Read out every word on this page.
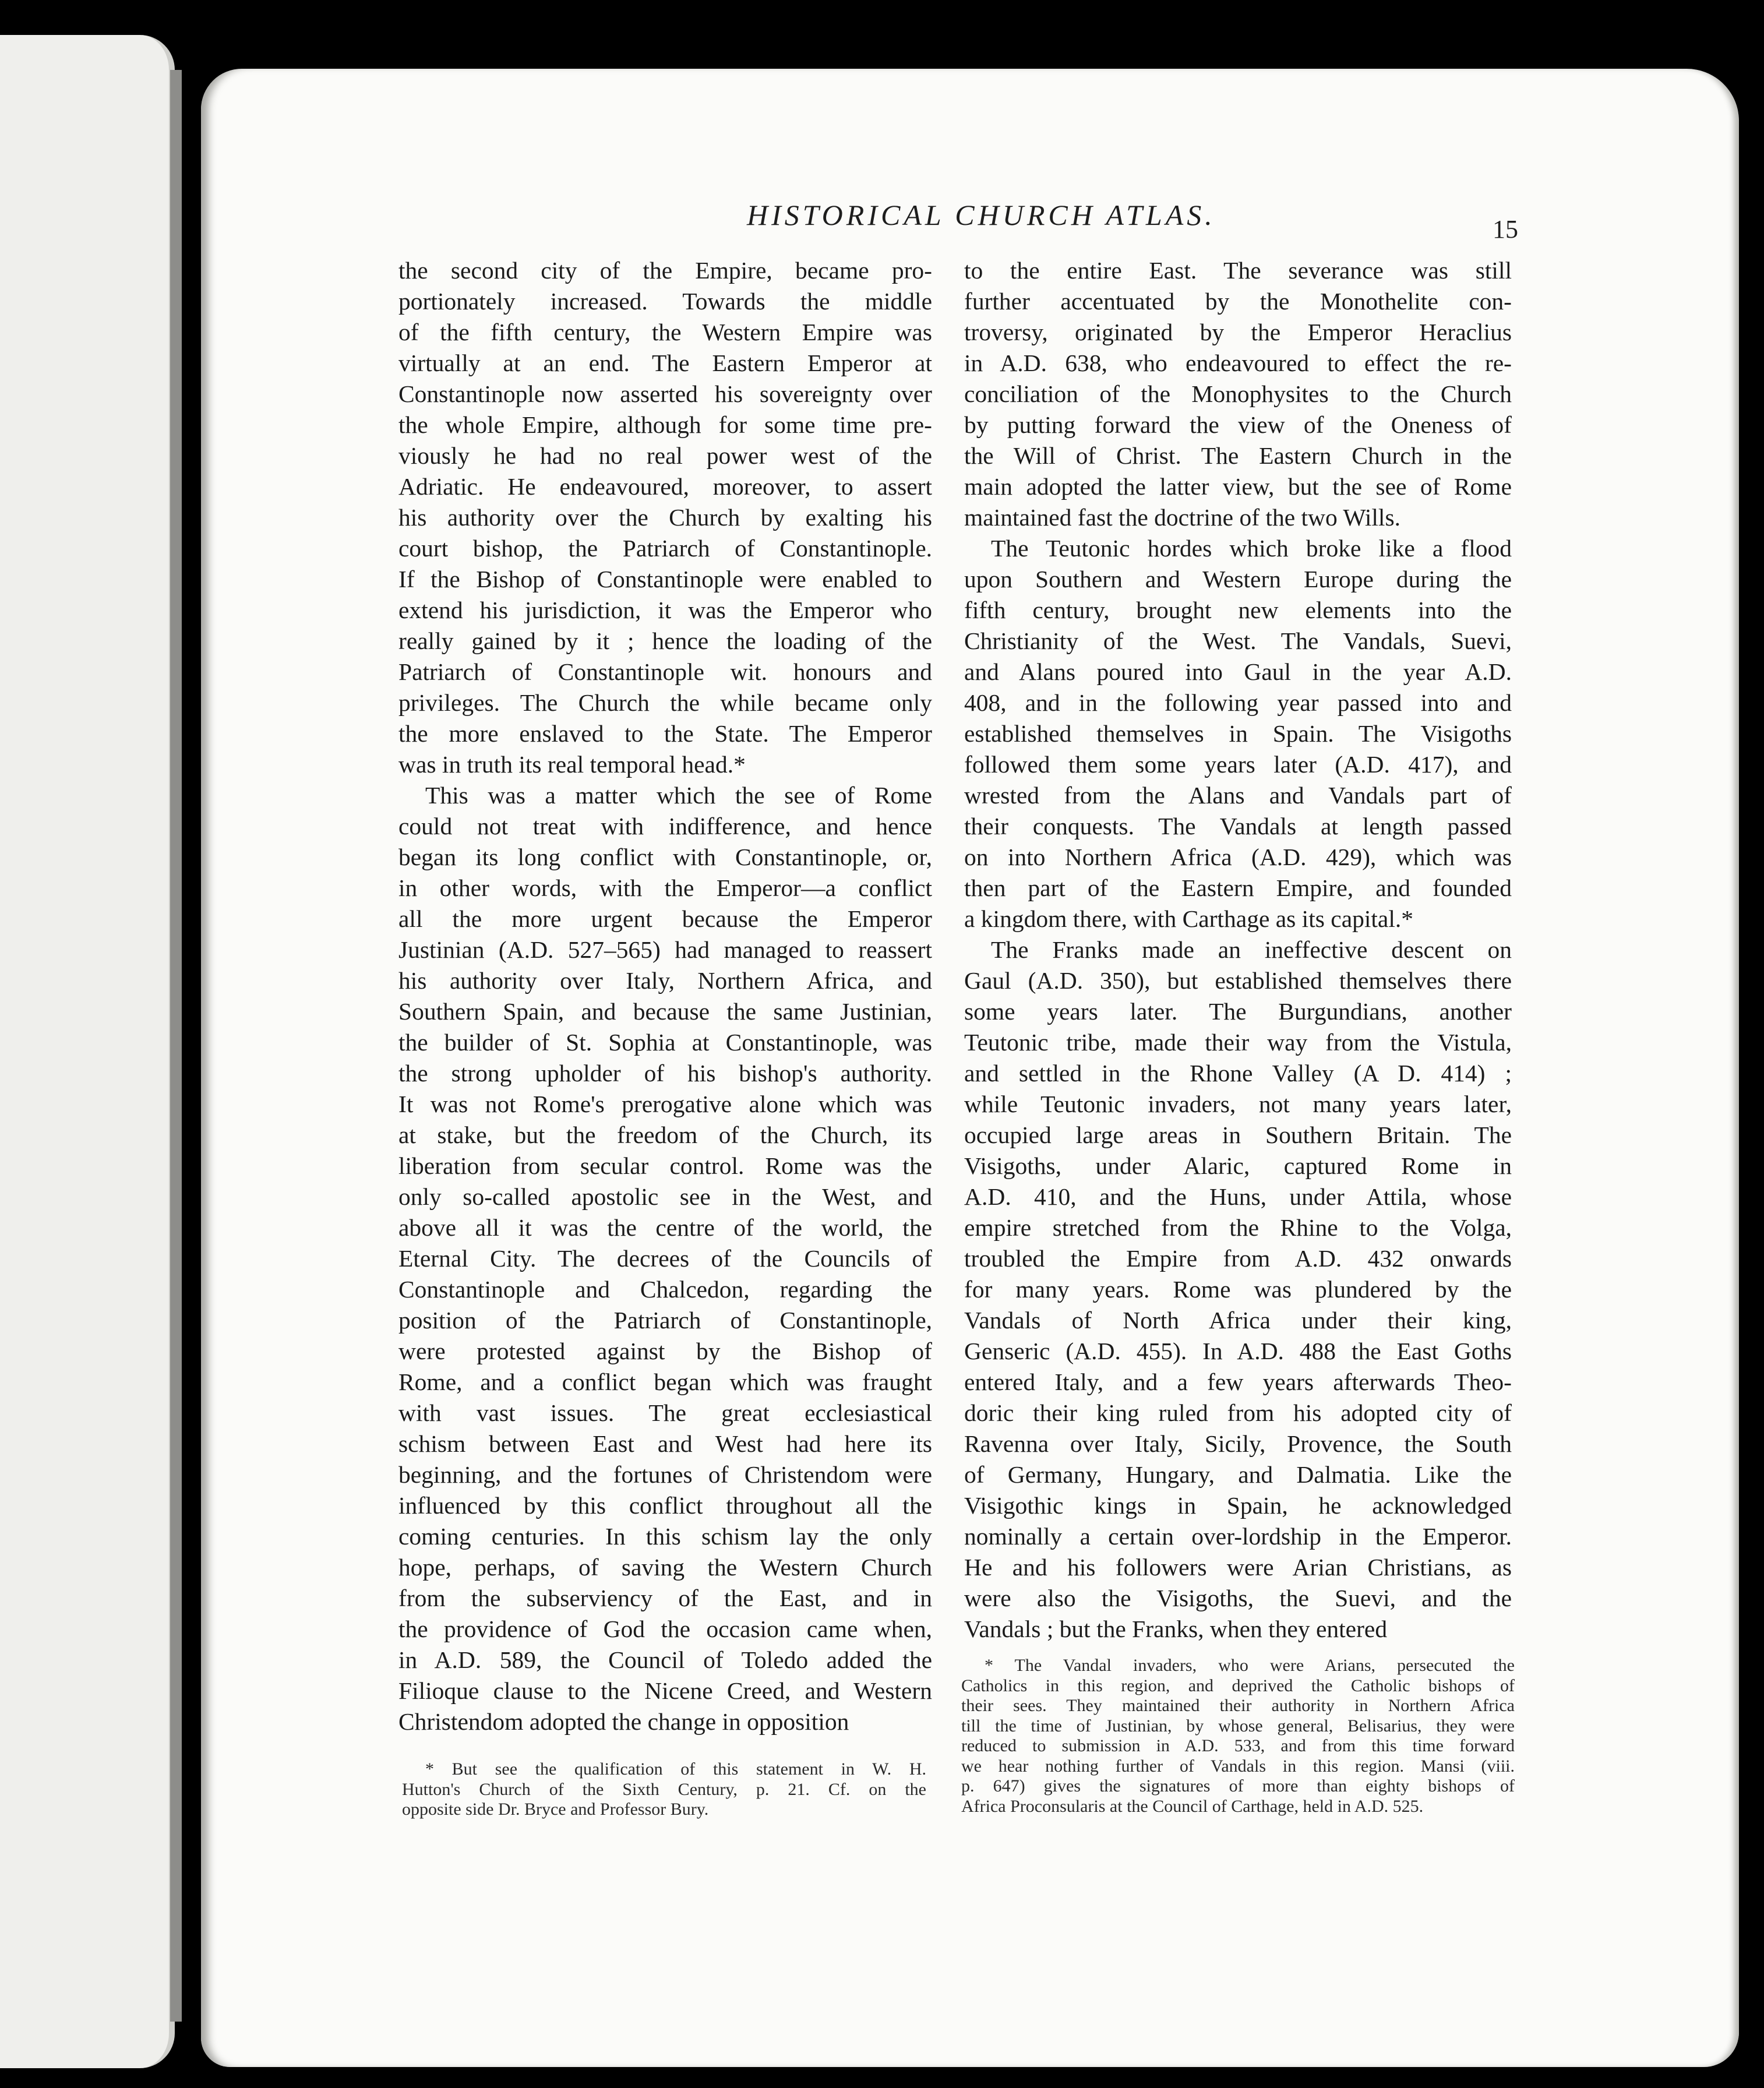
HISTORICAL CHURCH ATLAS.	15
the second city of the Empire, became pro-
portionately increased. Towards the middle
of the fifth century, the Western Empire was
virtually at an end. The Eastern Emperor at
Constantinople now asserted his sovereignty over
the whole Empire, although for some time pre-
viously he had no real power west of the
Adriatic. He endeavoured, moreover, to assert
his authority over the Church by exalting his
court bishop, the Patriarch of Constantinople.
If the Bishop of Constantinople were enabled to
extend his jurisdiction, it was the Emperor who
really gained by it ; hence the loading of the
Patriarch of Constantinople wit. honours and
privileges. The Church the while became only
the more enslaved to the State. The Emperor
was in truth its real temporal head.*
This was a matter which the see of Rome
could not treat with indifference, and hence
began its long conflict with Constantinople, or,
in other words, with the Emperor—a conflict
all the more urgent because the Emperor
Justinian (A.D. 527–565) had managed to reassert
his authority over Italy, Northern Africa, and
Southern Spain, and because the same Justinian,
the builder of St. Sophia at Constantinople, was
the strong upholder of his bishop's authority.
It was not Rome's prerogative alone which was
at stake, but the freedom of the Church, its
liberation from secular control. Rome was the
only so-called apostolic see in the West, and
above all it was the centre of the world, the
Eternal City. The decrees of the Councils of
Constantinople and Chalcedon, regarding the
position of the Patriarch of Constantinople,
were protested against by the Bishop of
Rome, and a conflict began which was fraught
with vast issues. The great ecclesiastical
schism between East and West had here its
beginning, and the fortunes of Christendom were
influenced by this conflict throughout all the
coming centuries. In this schism lay the only
hope, perhaps, of saving the Western Church
from the subserviency of the East, and in
the providence of God the occasion came when,
in A.D. 589, the Council of Toledo added the
Filioque clause to the Nicene Creed, and Western
Christendom adopted the change in opposition
to the entire East. The severance was still
further accentuated by the Monothelite con-
troversy, originated by the Emperor Heraclius
in A.D. 638, who endeavoured to effect the re-
conciliation of the Monophysites to the Church
by putting forward the view of the Oneness of
the Will of Christ. The Eastern Church in the
main adopted the latter view, but the see of Rome
maintained fast the doctrine of the two Wills.
The Teutonic hordes which broke like a flood
upon Southern and Western Europe during the
fifth century, brought new elements into the
Christianity of the West. The Vandals, Suevi,
and Alans poured into Gaul in the year A.D.
408, and in the following year passed into and
established themselves in Spain. The Visigoths
followed them some years later (A.D. 417), and
wrested from the Alans and Vandals part of
their conquests. The Vandals at length passed
on into Northern Africa (A.D. 429), which was
then part of the Eastern Empire, and founded
a kingdom there, with Carthage as its capital.*
The Franks made an ineffective descent on
Gaul (A.D. 350), but established themselves there
some years later. The Burgundians, another
Teutonic tribe, made their way from the Vistula,
and settled in the Rhone Valley (A D. 414) ;
while Teutonic invaders, not many years later,
occupied large areas in Southern Britain. The
Visigoths, under Alaric, captured Rome in
A.D. 410, and the Huns, under Attila, whose
empire stretched from the Rhine to the Volga,
troubled the Empire from A.D. 432 onwards
for many years. Rome was plundered by the
Vandals of North Africa under their king,
Genseric (A.D. 455). In A.D. 488 the East Goths
entered Italy, and a few years afterwards Theo-
doric their king ruled from his adopted city of
Ravenna over Italy, Sicily, Provence, the South
of Germany, Hungary, and Dalmatia. Like the
Visigothic kings in Spain, he acknowledged
nominally a certain over-lordship in the Emperor.
He and his followers were Arian Christians, as
were also the Visigoths, the Suevi, and the
Vandals ; but the Franks, when they entered
* But see the qualification of this statement in W. H.
Hutton's Church of the Sixth Century, p. 21. Cf. on the
opposite side Dr. Bryce and Professor Bury.
* The Vandal invaders, who were Arians, persecuted the
Catholics in this region, and deprived the Catholic bishops of
their sees. They maintained their authority in Northern Africa
till the time of Justinian, by whose general, Belisarius, they were
reduced to submission in A.D. 533, and from this time forward
we hear nothing further of Vandals in this region. Mansi (viii.
p. 647) gives the signatures of more than eighty bishops of
Africa Proconsularis at the Council of Carthage, held in A.D. 525.
